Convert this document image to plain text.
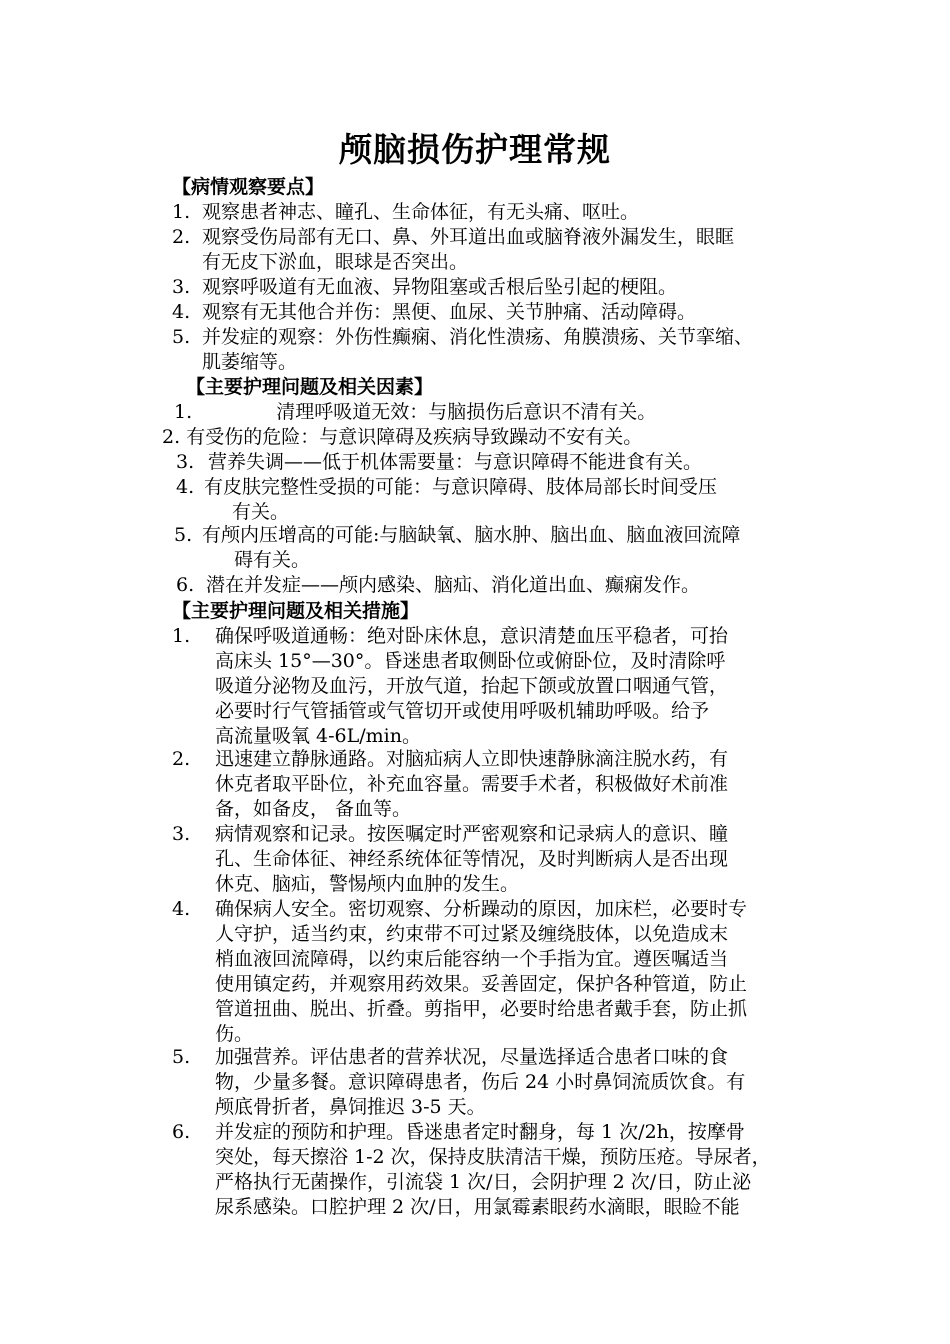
颅脑损伤护理常规
【病情观察要点】
1. 观察患者神志、瞳孔、生命体征，有无头痛、呕吐。
2. 观察受伤局部有无口、鼻、外耳道出血或脑脊液外漏发生，眼眶
有无皮下淤血，眼球是否突出。
3. 观察呼吸道有无血液、异物阻塞或舌根后坠引起的梗阻。
4. 观察有无其他合并伤：黑便、血尿、关节肿痛、活动障碍。
5. 并发症的观察：外伤性癫痫、消化性溃疡、角膜溃疡、关节挛缩、
肌萎缩等。
【主要护理问题及相关因素】
1.	清理呼吸道无效：与脑损伤后意识不清有关。
2. 有受伤的危险：与意识障碍及疾病导致躁动不安有关。
3. 营养失调——低于机体需要量：与意识障碍不能进食有关。
4. 有皮肤完整性受损的可能：与意识障碍、肢体局部长时间受压
有关。
5. 有颅内压增高的可能:与脑缺氧、脑水肿、脑出血、脑血液回流障
碍有关。
6. 潜在并发症——颅内感染、脑疝、消化道出血、癫痫发作。
【主要护理问题及相关措施】
1. 确保呼吸道通畅：绝对卧床休息，意识清楚血压平稳者，可抬
高床头 15°—30°。昏迷患者取侧卧位或俯卧位，及时清除呼
吸道分泌物及血污，开放气道，抬起下颌或放置口咽通气管，
必要时行气管插管或气管切开或使用呼吸机辅助呼吸。给予
高流量吸氧 4-6L/min。
2. 迅速建立静脉通路。对脑疝病人立即快速静脉滴注脱水药，有
休克者取平卧位，补充血容量。需要手术者，积极做好术前准
备，如备皮， 备血等。
3. 病情观察和记录。按医嘱定时严密观察和记录病人的意识、瞳
孔、生命体征、神经系统体征等情况，及时判断病人是否出现
休克、脑疝，警惕颅内血肿的发生。
4. 确保病人安全。密切观察、分析躁动的原因，加床栏，必要时专
人守护，适当约束，约束带不可过紧及缠绕肢体，以免造成末
梢血液回流障碍，以约束后能容纳一个手指为宜。遵医嘱适当
使用镇定药，并观察用药效果。妥善固定，保护各种管道，防止
管道扭曲、脱出、折叠。剪指甲，必要时给患者戴手套，防止抓
伤。
5. 加强营养。评估患者的营养状况，尽量选择适合患者口味的食
物，少量多餐。意识障碍患者，伤后 24 小时鼻饲流质饮食。有
颅底骨折者，鼻饲推迟 3-5 天。
6. 并发症的预防和护理。昏迷患者定时翻身，每 1 次/2h，按摩骨
突处，每天擦浴 1-2 次，保持皮肤清洁干燥，预防压疮。导尿者，
严格执行无菌操作，引流袋 1 次/日，会阴护理 2 次/日，防止泌
尿系感染。口腔护理 2 次/日，用氯霉素眼药水滴眼，眼睑不能
